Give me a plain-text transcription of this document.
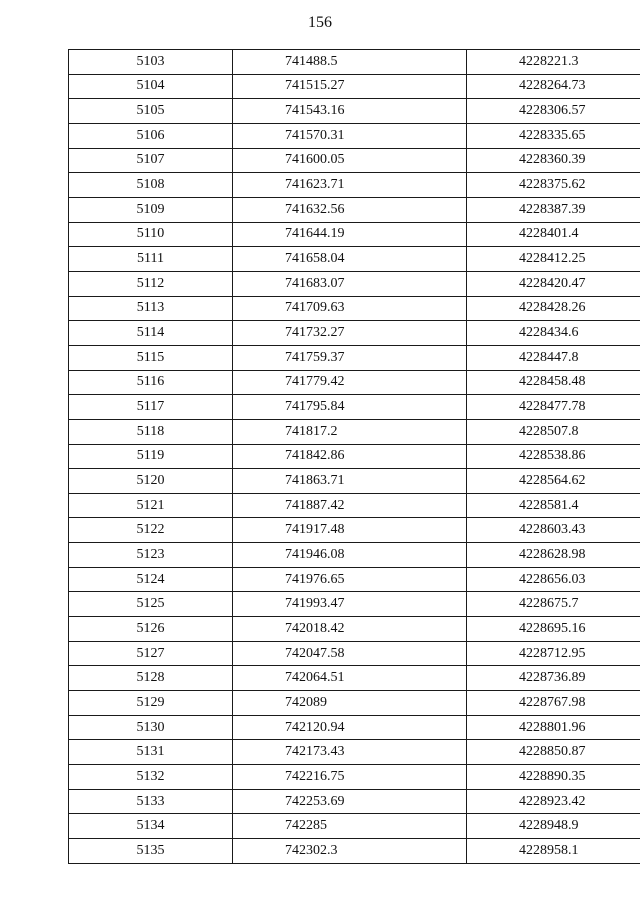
156
5103	741488.5	4228221.3
5104	741515.27	4228264.73
5105	741543.16	4228306.57
5106	741570.31	4228335.65
5107	741600.05	4228360.39
5108	741623.71	4228375.62
5109	741632.56	4228387.39
5110	741644.19	4228401.4
5111	741658.04	4228412.25
5112	741683.07	4228420.47
5113	741709.63	4228428.26
5114	741732.27	4228434.6
5115	741759.37	4228447.8
5116	741779.42	4228458.48
5117	741795.84	4228477.78
5118	741817.2	4228507.8
5119	741842.86	4228538.86
5120	741863.71	4228564.62
5121	741887.42	4228581.4
5122	741917.48	4228603.43
5123	741946.08	4228628.98
5124	741976.65	4228656.03
5125	741993.47	4228675.7
5126	742018.42	4228695.16
5127	742047.58	4228712.95
5128	742064.51	4228736.89
5129	742089	4228767.98
5130	742120.94	4228801.96
5131	742173.43	4228850.87
5132	742216.75	4228890.35
5133	742253.69	4228923.42
5134	742285	4228948.9
5135	742302.3	4228958.1
